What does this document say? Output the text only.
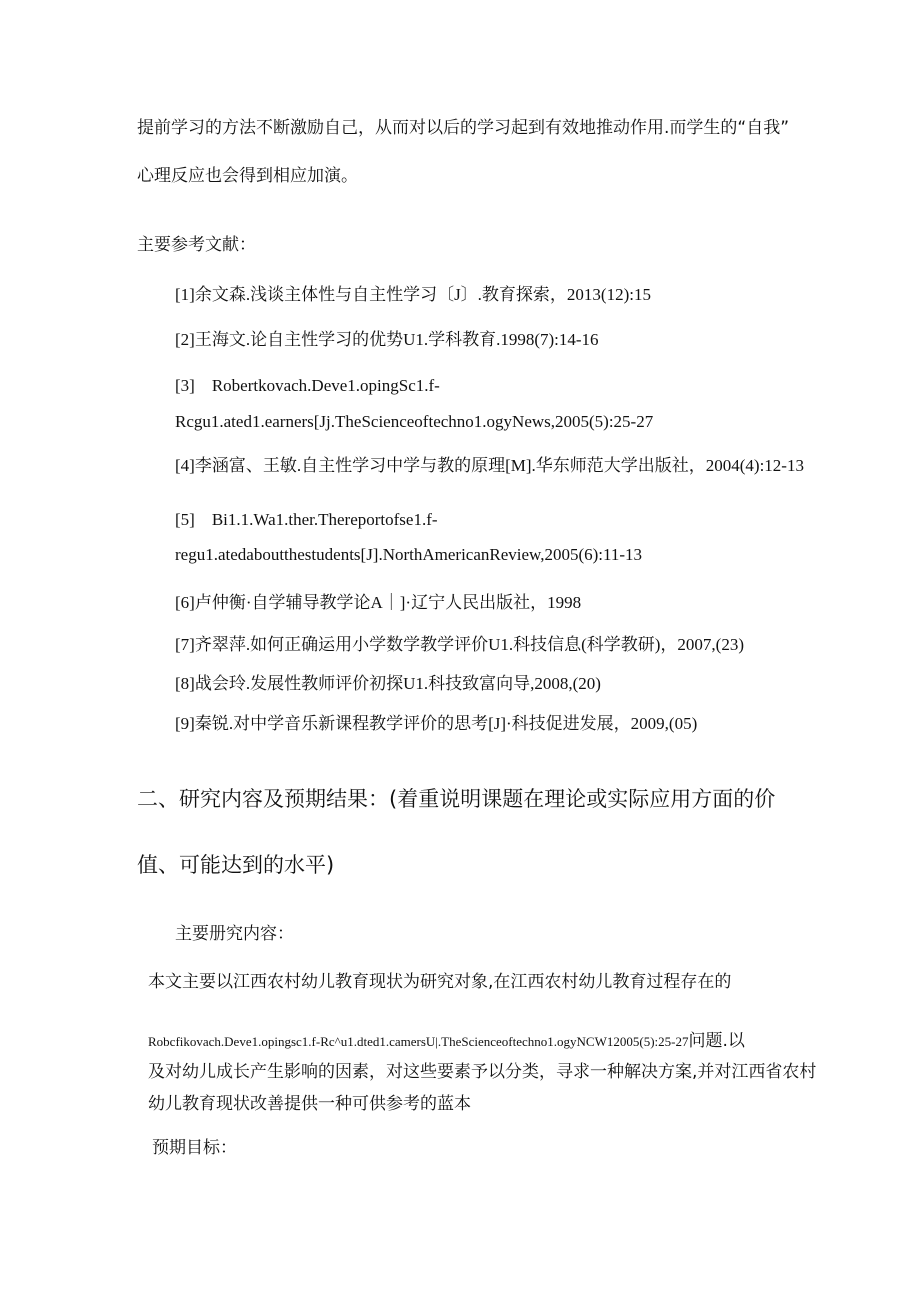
提前学习的方法不断激励自己，从而对以后的学习起到有效地推动作用.而学生的“自我”
心理反应也会得到相应加演。
主要参考文献：
[1]余文森.浅谈主体性与自主性学习〔J〕.教育探索，2013(12):15
[2]王海文.论自主性学习的优势U1.学科教育.1998(7):14-16
[3]　Robertkovach.Deve1.opingSc1.f-
Rcgu1.ated1.earners[Jj.TheScienceoftechno1.ogyNews,2005(5):25-27
[4]李涵富、王敏.自主性学习中学与教的原理[M].华东师范大学出版社，2004(4):12-13
[5]　Bi1.1.Wa1.ther.Thereportofse1.f-
regu1.atedaboutthestudents[J].NorthAmericanReview,2005(6):11-13
[6]卢仲衡·自学辅导教学论A｜]·辽宁人民出版社，1998
[7]齐翠萍.如何正确运用小学数学教学评价U1.科技信息(科学教研)，2007,(23)
[8]战会玲.发展性教师评价初探U1.科技致富向导,2008,(20)
[9]秦锐.对中学音乐新课程教学评价的思考[J]·科技促进发展，2009,(05)
二、研究内容及预期结果：(着重说明课题在理论或实际应用方面的价
值、可能达到的水平)
主要册究内容：
本文主要以江西农村幼儿教育现状为研究对象,在江西农村幼儿教育过程存在的
Robcfikovach.Deve1.opingsc1.f-Rc^u1.dted1.camersU|.TheScienceoftechno1.ogyNCW12005(5):25-27问题.以
及对幼儿成长产生影响的因素，对这些要素予以分类，寻求一种解决方案,并对江西省农村
幼儿教育现状改善提供一种可供参考的蓝本
预期目标：
